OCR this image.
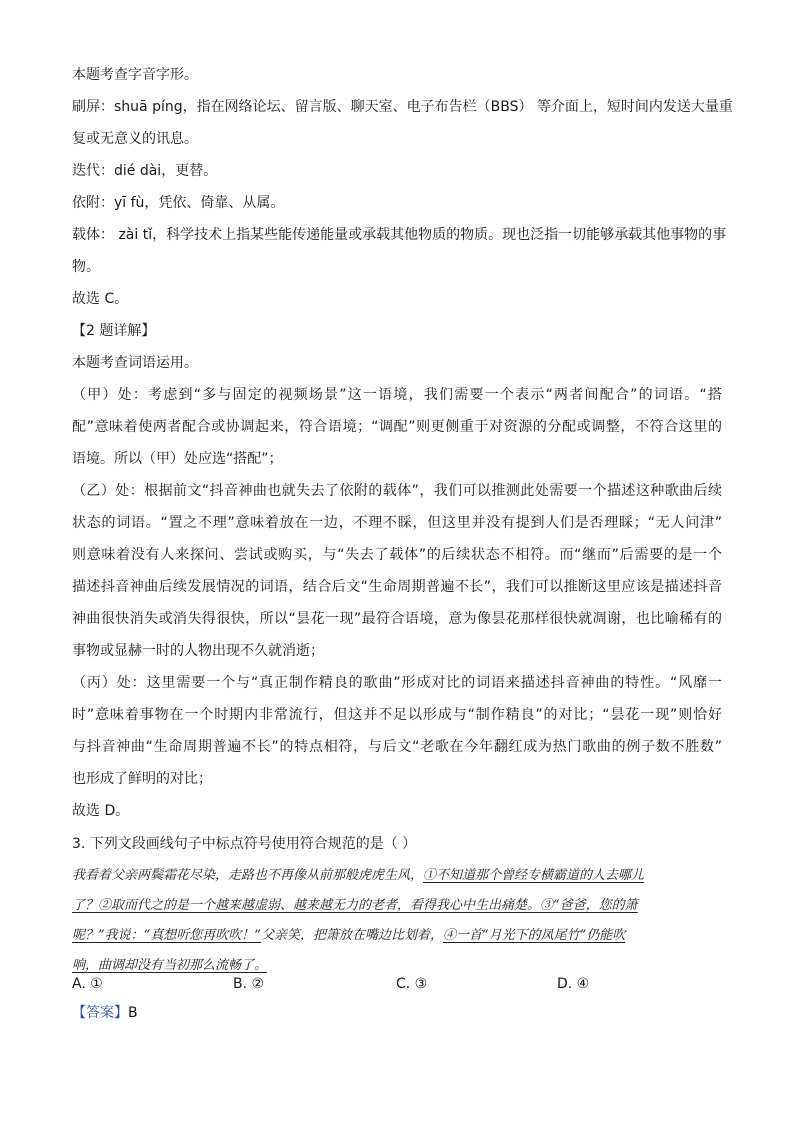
本题考查字音字形。
刷屏：shuā píng，指在网络论坛、留言版、聊天室、电子布告栏（BBS） 等介面上，短时间内发送大量重
复或无意义的讯息。
迭代：dié dài，更替。
依附：yī fù，凭依、倚靠、从属。
载体： zài tǐ，科学技术上指某些能传递能量或承载其他物质的物质。现也泛指一切能够承载其他事物的事
物。
故选 C。
【2 题详解】
本题考查词语运用。
（甲）处：考虑到“多与固定的视频场景”这一语境，我们需要一个表示“两者间配合”的词语。“搭
配”意味着使两者配合或协调起来，符合语境；“调配”则更侧重于对资源的分配或调整，不符合这里的
语境。所以（甲）处应选“搭配”；
（乙）处：根据前文“抖音神曲也就失去了依附的载体”，我们可以推测此处需要一个描述这种歌曲后续
状态的词语。“置之不理”意味着放在一边，不理不睬，但这里并没有提到人们是否理睬；“无人问津”
则意味着没有人来探问、尝试或购买，与“失去了载体”的后续状态不相符。而“继而”后需要的是一个
描述抖音神曲后续发展情况的词语，结合后文“生命周期普遍不长”，我们可以推断这里应该是描述抖音
神曲很快消失或消失得很快，所以“昙花一现”最符合语境，意为像昙花那样很快就凋谢，也比喻稀有的
事物或显赫一时的人物出现不久就消逝；
（丙）处：这里需要一个与“真正制作精良的歌曲”形成对比的词语来描述抖音神曲的特性。“风靡一
时”意味着事物在一个时期内非常流行，但这并不足以形成与“制作精良”的对比；“昙花一现”则恰好
与抖音神曲“生命周期普遍不长”的特点相符，与后文“老歌在今年翻红成为热门歌曲的例子数不胜数”
也形成了鲜明的对比；
故选 D。
3. 下列文段画线句子中标点符号使用符合规范的是（ ）
我看着父亲两鬓霜花尽染，走路也不再像从前那般虎虎生风，①不知道那个曾经专横霸道的人去哪儿
了？②取而代之的是一个越来越虚弱、越来越无力的老者，看得我心中生出痛楚。③“爸爸，您的箫
呢？”我说：“真想听您再吹吹！”父亲笑，把箫放在嘴边比划着，④一首“月光下的凤尾竹”仍能吹
响，曲调却没有当初那么流畅了。
A. ①	B. ②	C. ③	D. ④
【答案】B
